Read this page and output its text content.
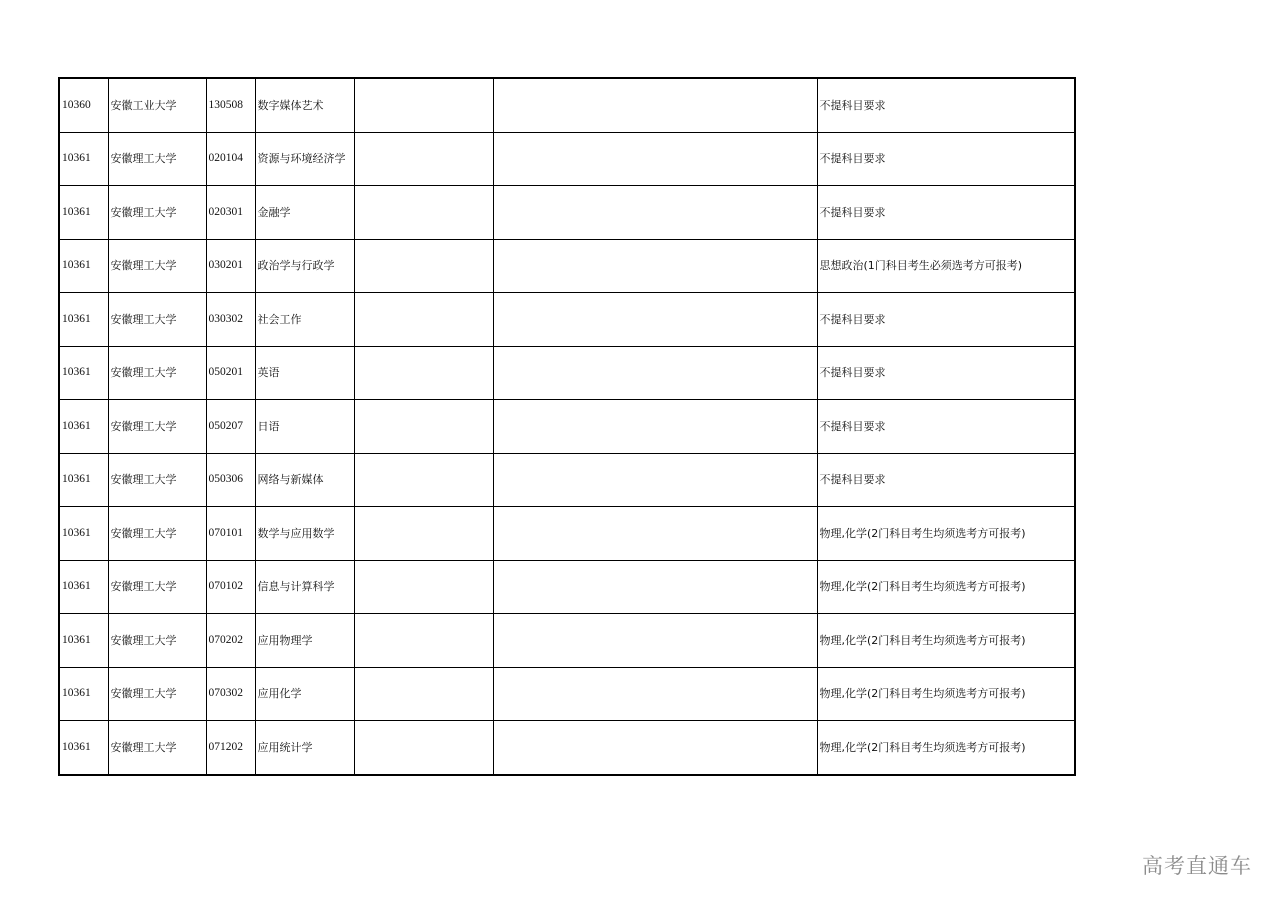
10360	安徽工业大学	130508	数字媒体艺术			不提科目要求
10361	安徽理工大学	020104	资源与环境经济学			不提科目要求
10361	安徽理工大学	020301	金融学			不提科目要求
10361	安徽理工大学	030201	政治学与行政学			思想政治(1门科目考生必须选考方可报考)
10361	安徽理工大学	030302	社会工作			不提科目要求
10361	安徽理工大学	050201	英语			不提科目要求
10361	安徽理工大学	050207	日语			不提科目要求
10361	安徽理工大学	050306	网络与新媒体			不提科目要求
10361	安徽理工大学	070101	数学与应用数学			物理,化学(2门科目考生均须选考方可报考)
10361	安徽理工大学	070102	信息与计算科学			物理,化学(2门科目考生均须选考方可报考)
10361	安徽理工大学	070202	应用物理学			物理,化学(2门科目考生均须选考方可报考)
10361	安徽理工大学	070302	应用化学			物理,化学(2门科目考生均须选考方可报考)
10361	安徽理工大学	071202	应用统计学			物理,化学(2门科目考生均须选考方可报考)
高考直通车
